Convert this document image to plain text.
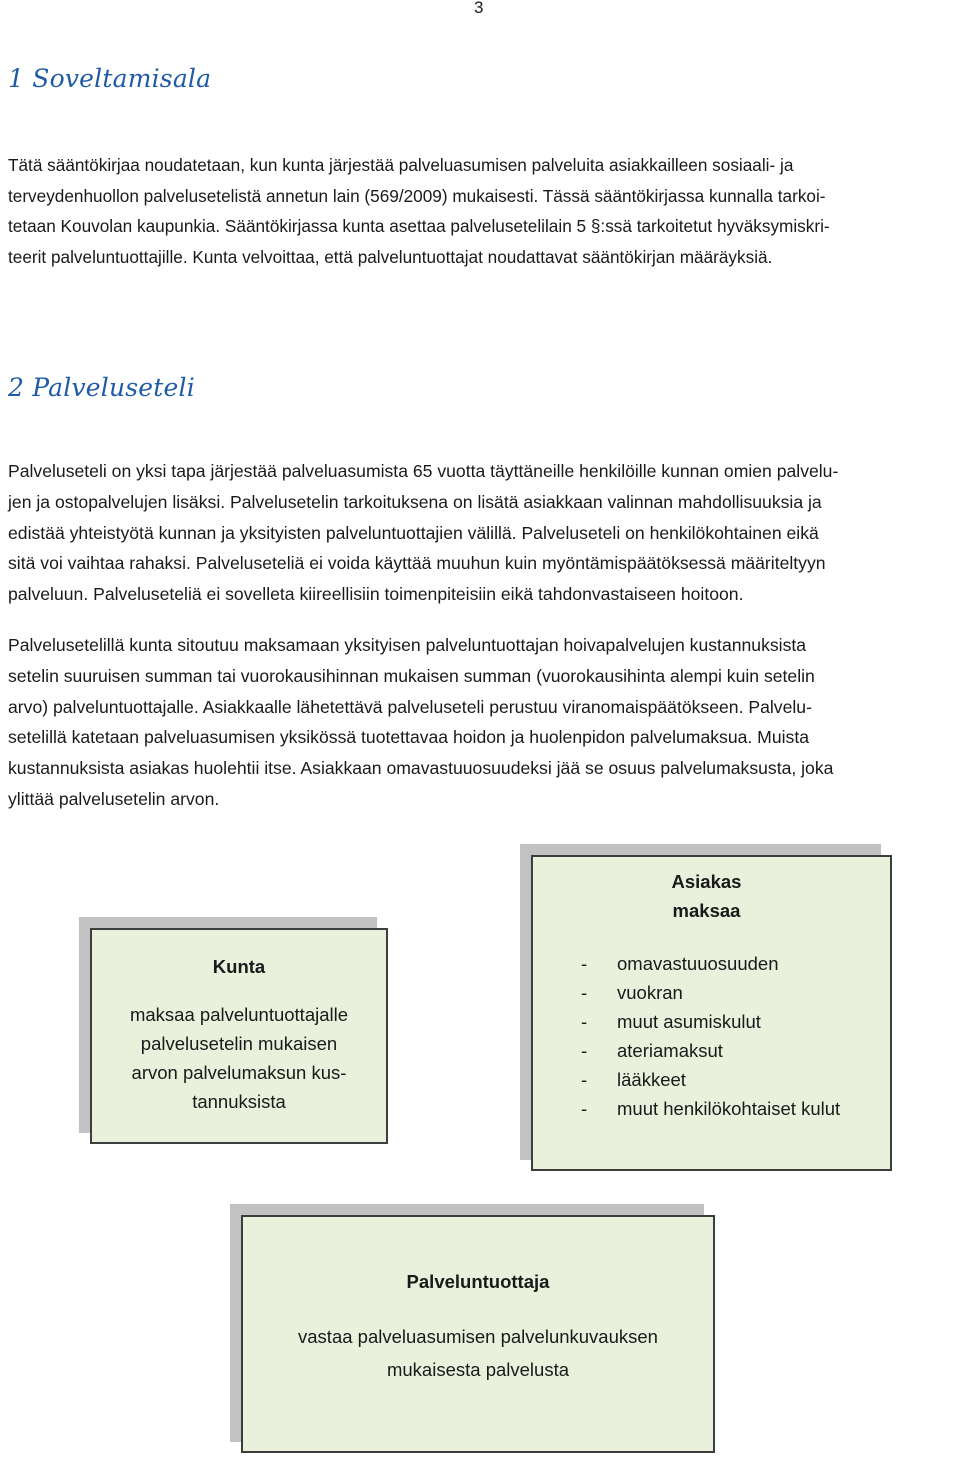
3
1 Soveltamisala

Tätä sääntökirjaa noudatetaan, kun kunta järjestää palveluasumisen palveluita asiakkailleen sosiaali- ja
terveydenhuollon palvelusetelistä annetun lain (569/2009) mukaisesti. Tässä sääntökirjassa kunnalla tarkoi-
tetaan Kouvolan kaupunkia. Sääntökirjassa kunta asettaa palvelusetelilain 5 §:ssä tarkoitetut hyväksymiskri-
teerit palveluntuottajille. Kunta velvoittaa, että palveluntuottajat noudattavat sääntökirjan määräyksiä.

2 Palveluseteli

Palveluseteli on yksi tapa järjestää palveluasumista 65 vuotta täyttäneille henkilöille kunnan omien palvelu-
jen ja ostopalvelujen lisäksi. Palvelusetelin tarkoituksena on lisätä asiakkaan valinnan mahdollisuuksia ja
edistää yhteistyötä kunnan ja yksityisten palveluntuottajien välillä. Palveluseteli on henkilökohtainen eikä
sitä voi vaihtaa rahaksi. Palveluseteliä ei voida käyttää muuhun kuin myöntämispäätöksessä määriteltyyn
palveluun. Palveluseteliä ei sovelleta kiireellisiin toimenpiteisiin eikä tahdonvastaiseen hoitoon.

Palvelusetelillä kunta sitoutuu maksamaan yksityisen palveluntuottajan hoivapalvelujen kustannuksista
setelin suuruisen summan tai vuorokausihinnan mukaisen summan (vuorokausihinta alempi kuin setelin
arvo) palveluntuottajalle. Asiakkaalle lähetettävä palveluseteli perustuu viranomaispäätökseen. Palvelu-
setelillä katetaan palveluasumisen yksikössä tuotettavaa hoidon ja huolenpidon palvelumaksua. Muista
kustannuksista asiakas huolehtii itse. Asiakkaan omavastuuosuudeksi jää se osuus palvelumaksusta, joka
ylittää palvelusetelin arvon.

Kunta
maksaa palveluntuottajalle
palvelusetelin mukaisen
arvon palvelumaksun kus-
tannuksista
Asiakas
maksaa
- omavastuuosuuden
- vuokran
- muut asumiskulut
- ateriamaksut
- lääkkeet
- muut henkilökohtaiset kulut
Palveluntuottaja
vastaa palveluasumisen palvelunkuvauksen
mukaisesta palvelusta
